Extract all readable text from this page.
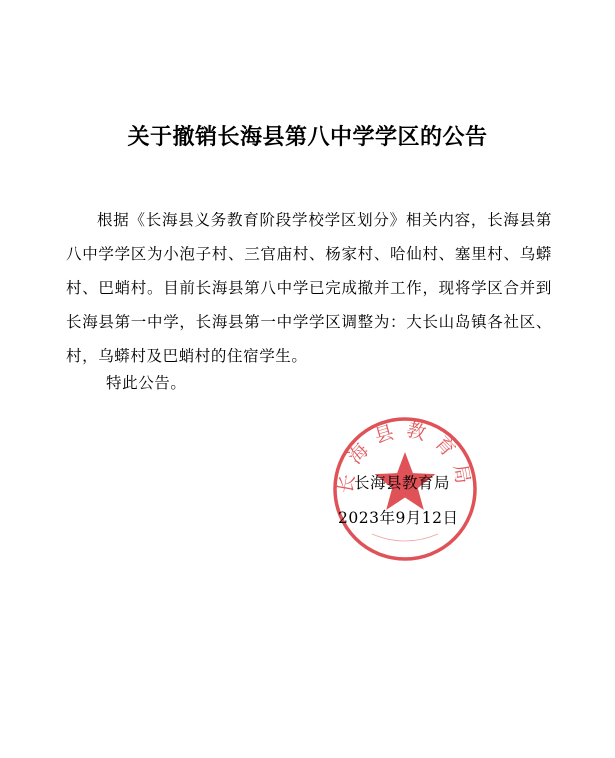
关于撤销长海县第八中学学区的公告

根据《长海县义务教育阶段学校学区划分》相关内容，长海县第八中学学区为小泡子村、三官庙村、杨家村、哈仙村、塞里村、乌蟒村、巴蛸村。目前长海县第八中学已完成撤并工作，现将学区合并到长海县第一中学，长海县第一中学学区调整为：大长山岛镇各社区、村，乌蟒村及巴蛸村的住宿学生。

特此公告。
长海县教育局
长海县教育局
2023年9月12日
